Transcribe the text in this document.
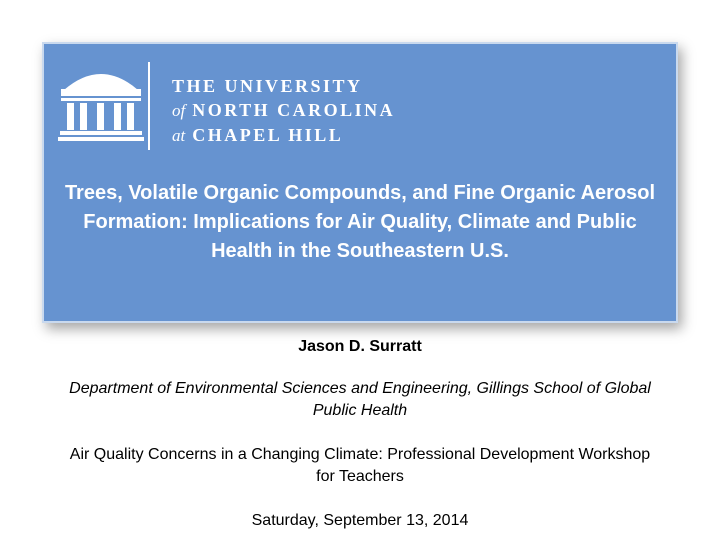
THE UNIVERSITY
of NORTH CAROLINA
at CHAPEL HILL
Trees, Volatile Organic Compounds, and Fine Organic Aerosol Formation: Implications for Air Quality, Climate and Public Health in the Southeastern U.S.

Jason D. Surratt

Department of Environmental Sciences and Engineering, Gillings School of Global Public Health

Air Quality Concerns in a Changing Climate: Professional Development Workshop for Teachers

Saturday, September 13, 2014
